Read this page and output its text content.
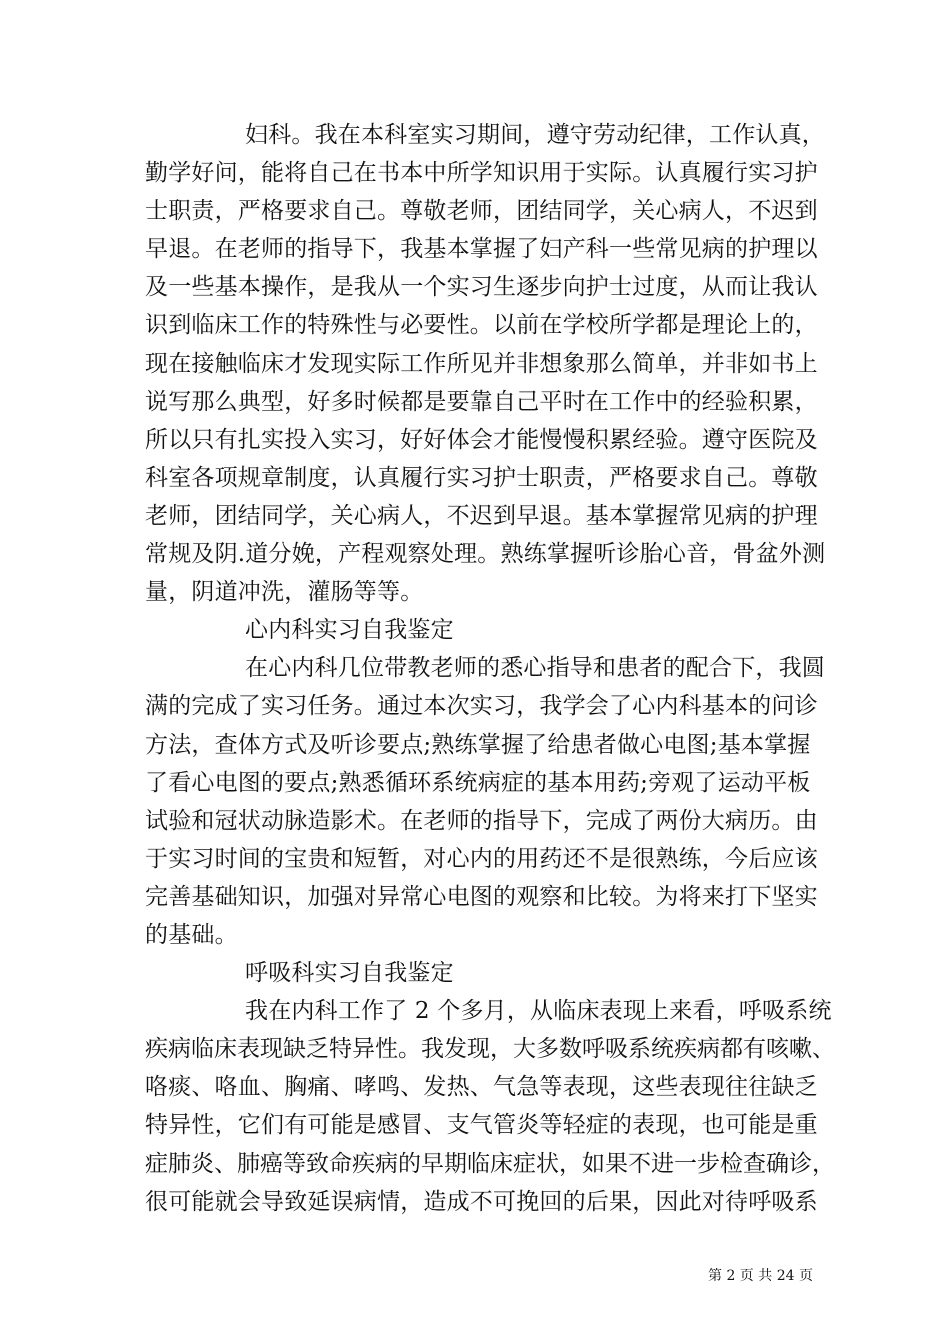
妇科。我在本科室实习期间，遵守劳动纪律，工作认真，
勤学好问，能将自己在书本中所学知识用于实际。认真履行实习护
士职责，严格要求自己。尊敬老师，团结同学，关心病人，不迟到
早退。在老师的指导下，我基本掌握了妇产科一些常见病的护理以
及一些基本操作，是我从一个实习生逐步向护士过度，从而让我认
识到临床工作的特殊性与必要性。以前在学校所学都是理论上的，
现在接触临床才发现实际工作所见并非想象那么简单，并非如书上
说写那么典型，好多时候都是要靠自己平时在工作中的经验积累，
所以只有扎实投入实习，好好体会才能慢慢积累经验。遵守医院及
科室各项规章制度，认真履行实习护士职责，严格要求自己。尊敬
老师，团结同学，关心病人，不迟到早退。基本掌握常见病的护理
常规及阴.道分娩，产程观察处理。熟练掌握听诊胎心音，骨盆外测
量，阴道冲洗，灌肠等等。
心内科实习自我鉴定
在心内科几位带教老师的悉心指导和患者的配合下，我圆
满的完成了实习任务。通过本次实习，我学会了心内科基本的问诊
方法，查体方式及听诊要点;熟练掌握了给患者做心电图;基本掌握
了看心电图的要点;熟悉循环系统病症的基本用药;旁观了运动平板
试验和冠状动脉造影术。在老师的指导下，完成了两份大病历。由
于实习时间的宝贵和短暂，对心内的用药还不是很熟练，今后应该
完善基础知识，加强对异常心电图的观察和比较。为将来打下坚实
的基础。
呼吸科实习自我鉴定
我在内科工作了 2 个多月，从临床表现上来看，呼吸系统
疾病临床表现缺乏特异性。我发现，大多数呼吸系统疾病都有咳嗽、
咯痰、咯血、胸痛、哮鸣、发热、气急等表现，这些表现往往缺乏
特异性，它们有可能是感冒、支气管炎等轻症的表现，也可能是重
症肺炎、肺癌等致命疾病的早期临床症状，如果不进一步检查确诊，
很可能就会导致延误病情，造成不可挽回的后果，因此对待呼吸系
第 2 页 共 24 页
